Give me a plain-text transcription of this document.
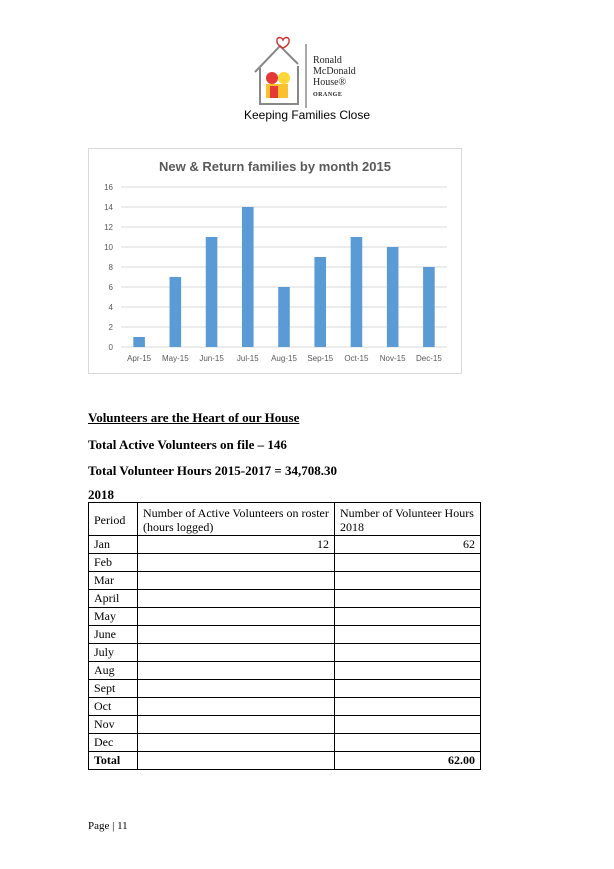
Ronald
McDonald
House®
ORANGE
Keeping Families Close
New & Return families by month 2015
0
2
4
6
8
10
12
14
16
Apr-15 May-15 Jun-15 Jul-15 Aug-15 Sep-15 Oct-15 Nov-15 Dec-15
Volunteers are the Heart of our House
Total Active Volunteers on file – 146
Total Volunteer Hours 2015-2017 = 34,708.30
2018
Period	Number of Active Volunteers on roster (hours logged)	Number of Volunteer Hours 2018
Jan	12	62
Feb		
Mar		
April		
May		
June		
July		
Aug		
Sept		
Oct		
Nov		
Dec		
Total		62.00
Page | 11
